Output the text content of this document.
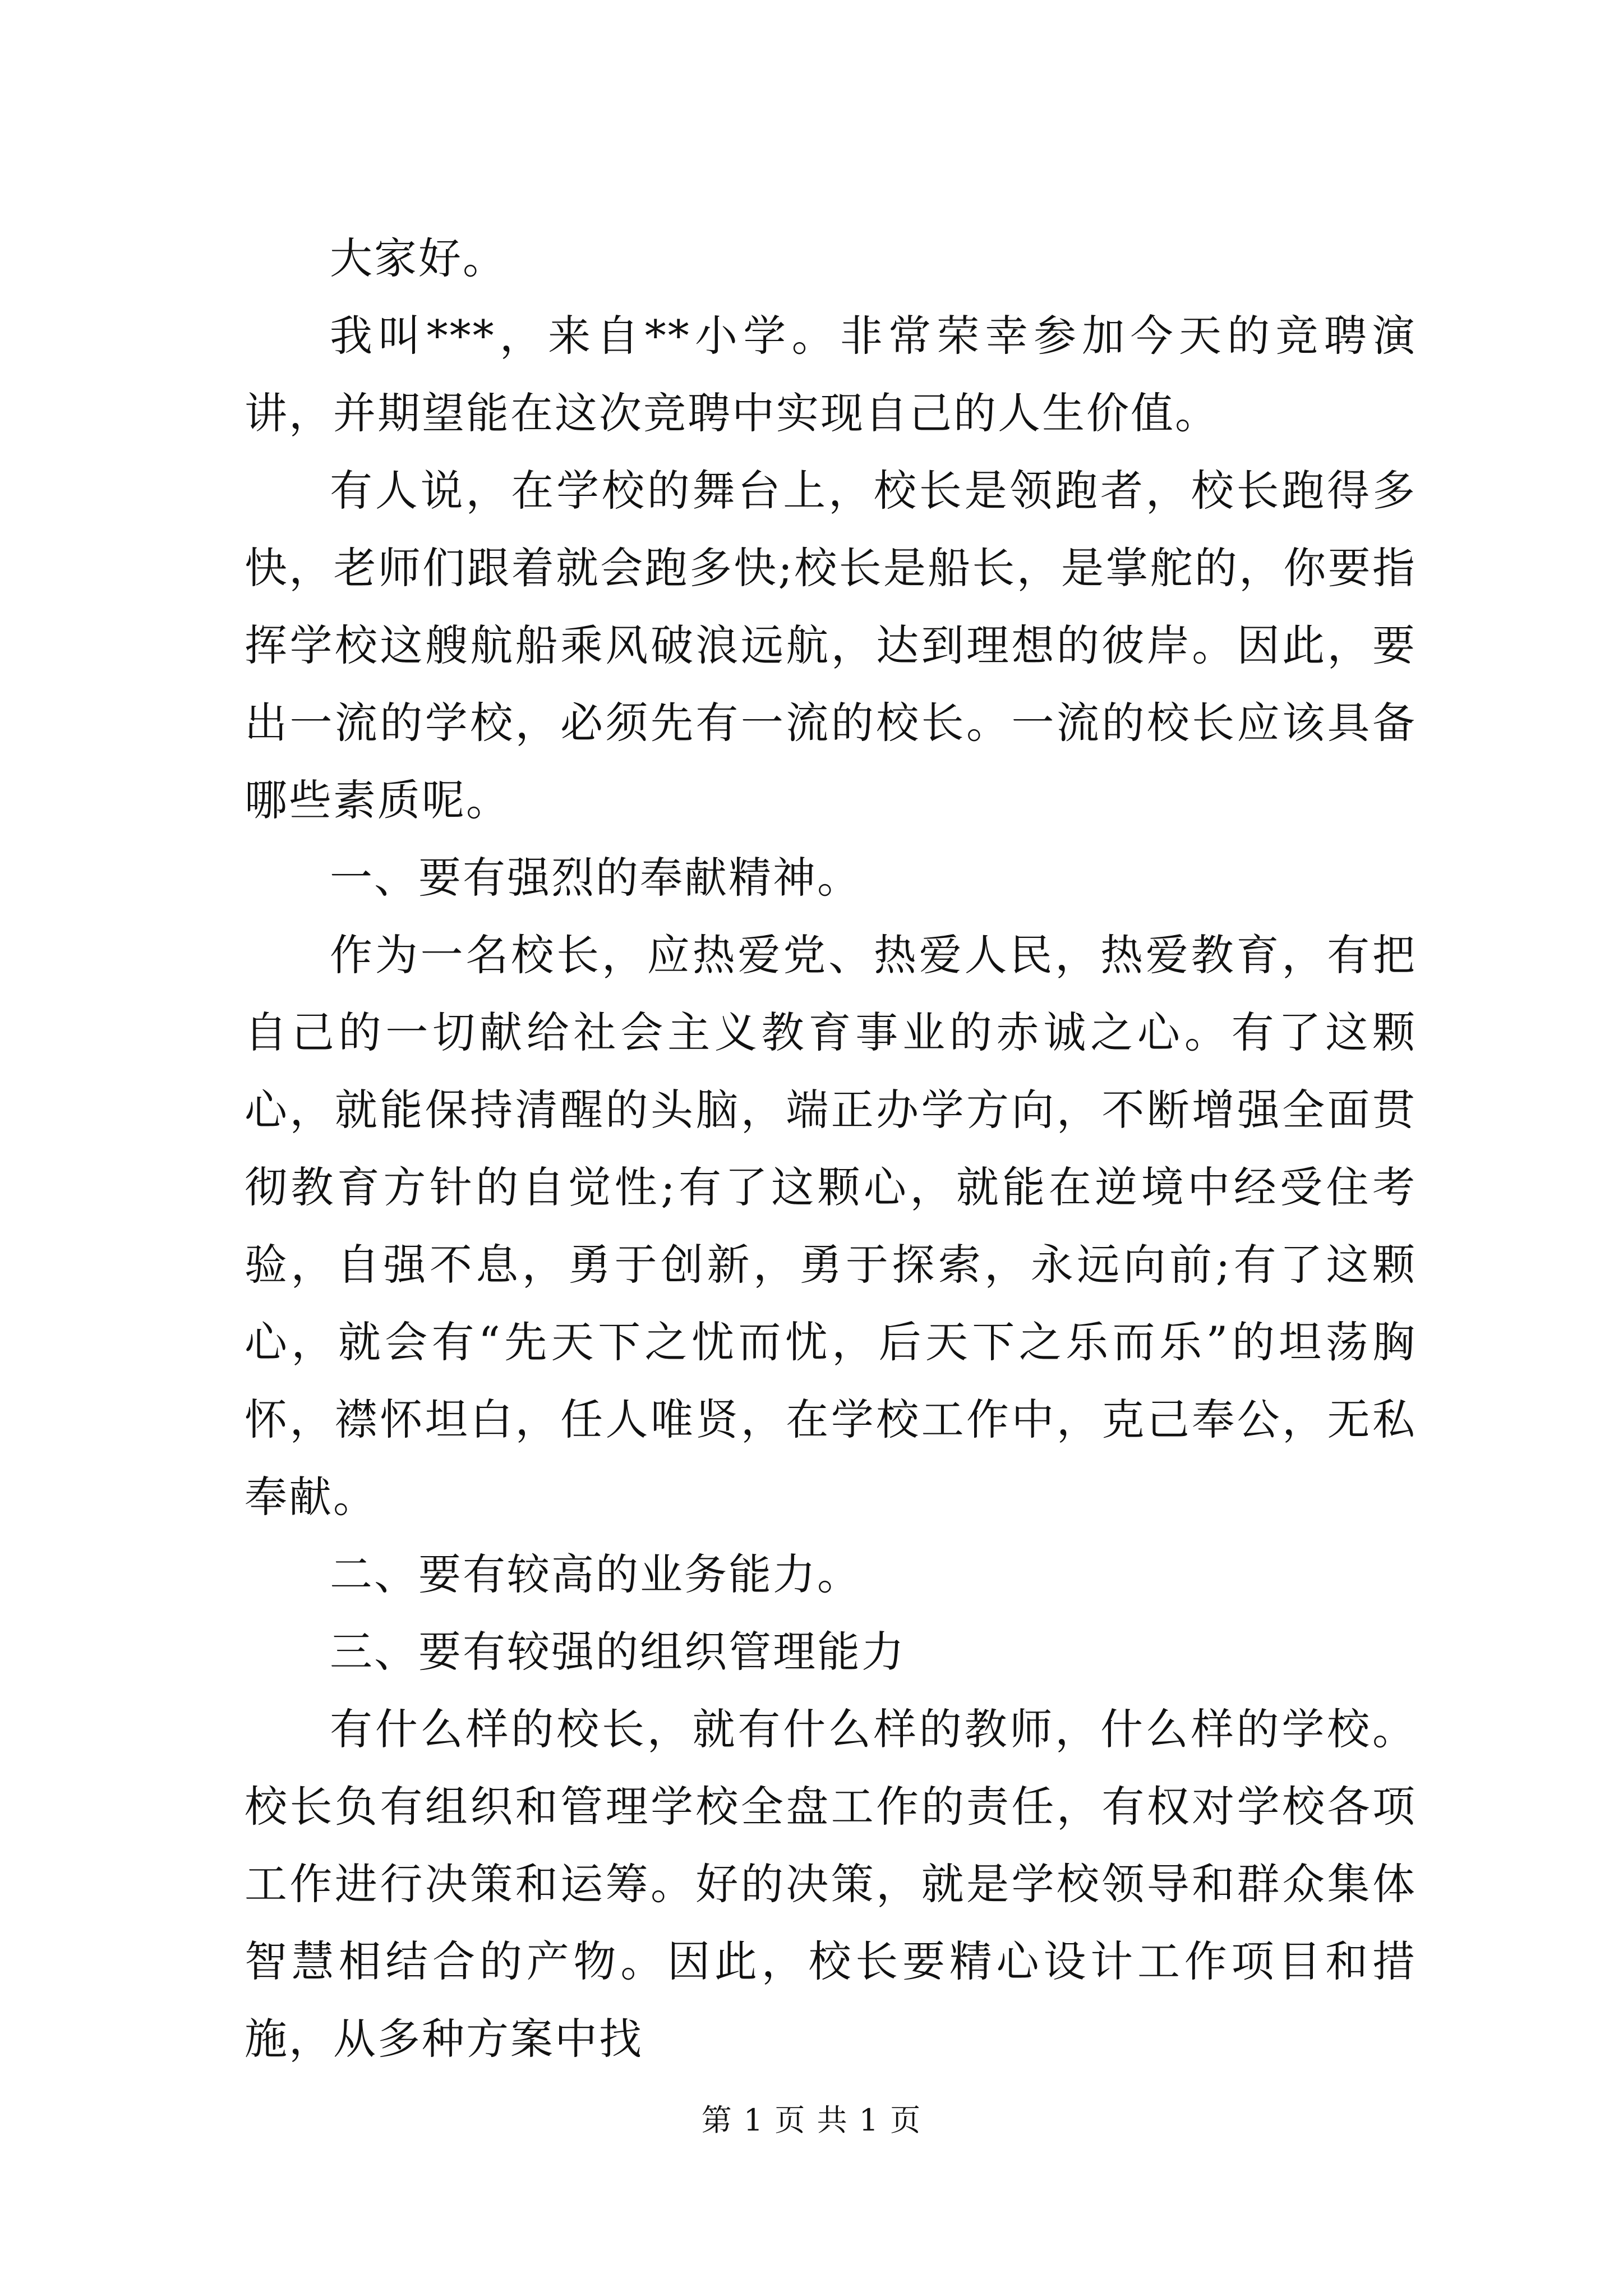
大家好。

我叫***，来自**小学。非常荣幸参加今天的竞聘演讲，并期望能在这次竞聘中实现自己的人生价值。

有人说，在学校的舞台上，校长是领跑者，校长跑得多快，老师们跟着就会跑多快;校长是船长，是掌舵的，你要指挥学校这艘航船乘风破浪远航，达到理想的彼岸。因此，要出一流的学校，必须先有一流的校长。一流的校长应该具备哪些素质呢。

一、要有强烈的奉献精神。

作为一名校长，应热爱党、热爱人民，热爱教育，有把自己的一切献给社会主义教育事业的赤诚之心。有了这颗心，就能保持清醒的头脑，端正办学方向，不断增强全面贯彻教育方针的自觉性;有了这颗心，就能在逆境中经受住考验，自强不息，勇于创新，勇于探索，永远向前;有了这颗心，就会有“先天下之忧而忧，后天下之乐而乐”的坦荡胸怀，襟怀坦白，任人唯贤，在学校工作中，克己奉公，无私奉献。

二、要有较高的业务能力。

三、要有较强的组织管理能力

有什么样的校长，就有什么样的教师，什么样的学校。校长负有组织和管理学校全盘工作的责任，有权对学校各项工作进行决策和运筹。好的决策，就是学校领导和群众集体智慧相结合的产物。因此，校长要精心设计工作项目和措施，从多种方案中找

第 1 页 共 1 页
